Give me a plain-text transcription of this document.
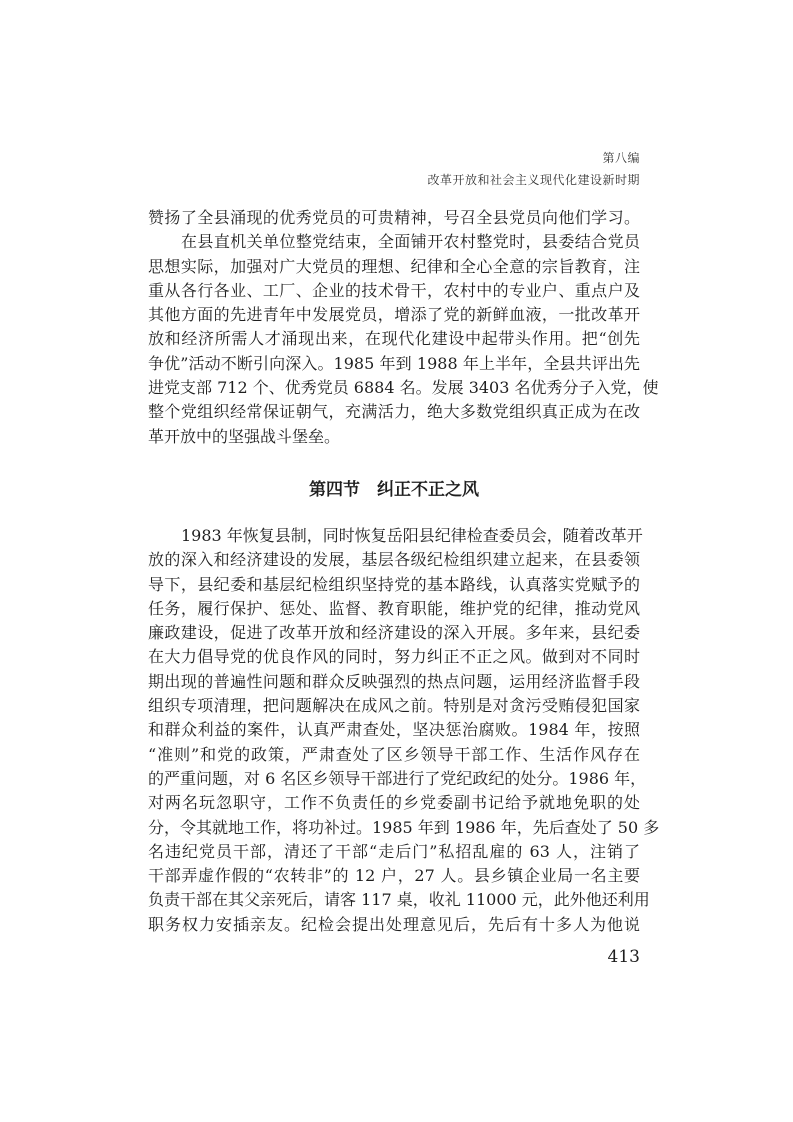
第八编
改革开放和社会主义现代化建设新时期
赞扬了全县涌现的优秀党员的可贵精神，号召全县党员向他们学习。
在县直机关单位整党结束，全面铺开农村整党时，县委结合党员
思想实际，加强对广大党员的理想、纪律和全心全意的宗旨教育，注
重从各行各业、工厂、企业的技术骨干，农村中的专业户、重点户及
其他方面的先进青年中发展党员，增添了党的新鲜血液，一批改革开
放和经济所需人才涌现出来，在现代化建设中起带头作用。把“创先
争优”活动不断引向深入。1985 年到 1988 年上半年，全县共评出先
进党支部 712 个、优秀党员 6884 名。发展 3403 名优秀分子入党，使
整个党组织经常保证朝气，充满活力，绝大多数党组织真正成为在改
革开放中的坚强战斗堡垒。
第四节　纠正不正之风
1983 年恢复县制，同时恢复岳阳县纪律检查委员会，随着改革开
放的深入和经济建设的发展，基层各级纪检组织建立起来，在县委领
导下，县纪委和基层纪检组织坚持党的基本路线，认真落实党赋予的
任务，履行保护、惩处、监督、教育职能，维护党的纪律，推动党风
廉政建设，促进了改革开放和经济建设的深入开展。多年来，县纪委
在大力倡导党的优良作风的同时，努力纠正不正之风。做到对不同时
期出现的普遍性问题和群众反映强烈的热点问题，运用经济监督手段
组织专项清理，把问题解决在成风之前。特别是对贪污受贿侵犯国家
和群众利益的案件，认真严肃查处，坚决惩治腐败。1984 年，按照
“准则”和党的政策，严肃查处了区乡领导干部工作、生活作风存在
的严重问题，对 6 名区乡领导干部进行了党纪政纪的处分。1986 年，
对两名玩忽职守，工作不负责任的乡党委副书记给予就地免职的处
分，令其就地工作，将功补过。1985 年到 1986 年，先后查处了 50 多
名违纪党员干部，清还了干部“走后门”私招乱雇的 63 人，注销了
干部弄虚作假的“农转非”的 12 户，27 人。县乡镇企业局一名主要
负责干部在其父亲死后，请客 117 桌，收礼 11000 元，此外他还利用
职务权力安插亲友。纪检会提出处理意见后，先后有十多人为他说
413
